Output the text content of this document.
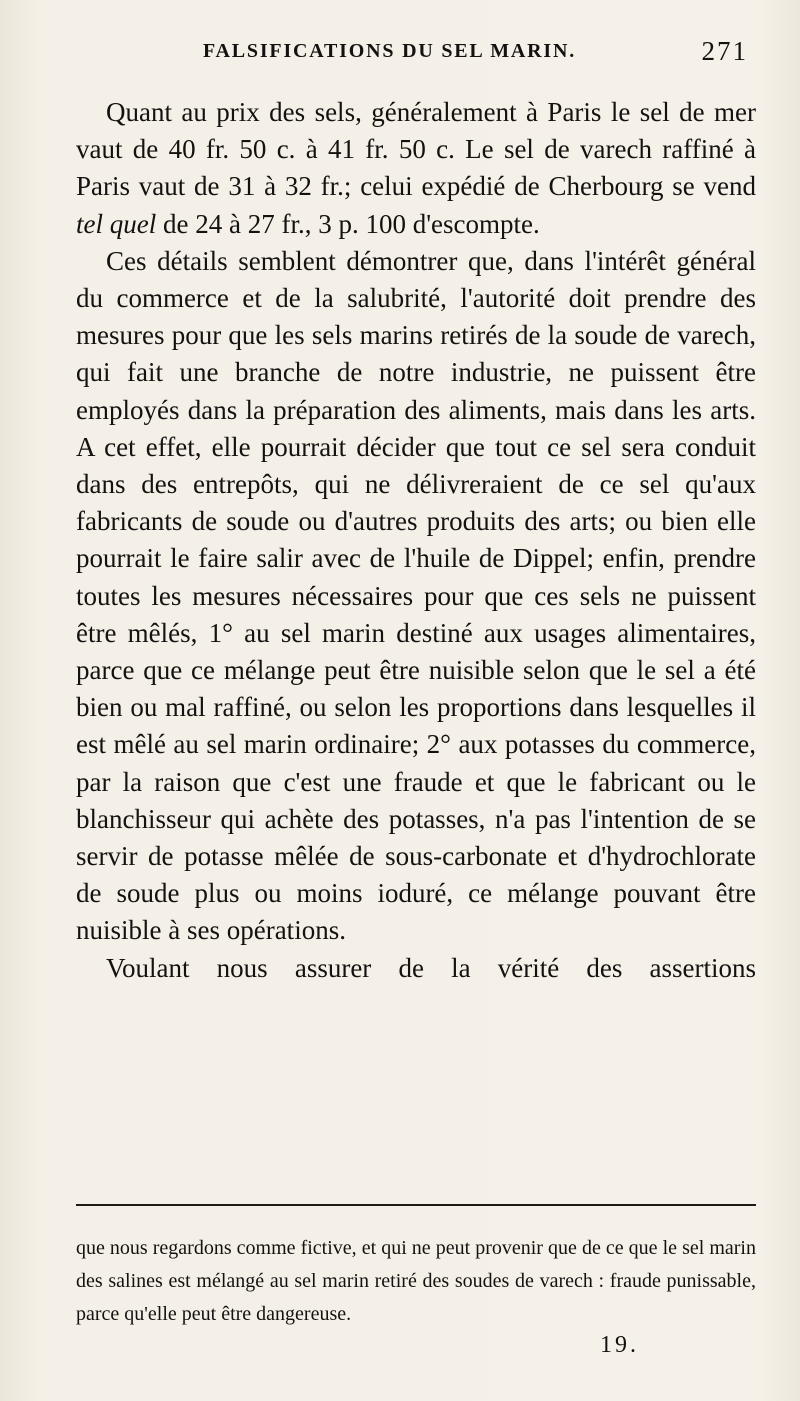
FALSIFICATIONS DU SEL MARIN.	271

Quant au prix des sels, généralement à Paris le sel de mer vaut de 40 fr. 50 c. à 41 fr. 50 c. Le sel de varech raffiné à Paris vaut de 31 à 32 fr.; celui expédié de Cherbourg se vend tel quel de 24 à 27 fr., 3 p. 100 d'escompte.

Ces détails semblent démontrer que, dans l'intérêt général du commerce et de la salubrité, l'autorité doit prendre des mesures pour que les sels marins retirés de la soude de varech, qui fait une branche de notre industrie, ne puissent être employés dans la préparation des aliments, mais dans les arts. A cet effet, elle pourrait décider que tout ce sel sera conduit dans des entrepôts, qui ne délivreraient de ce sel qu'aux fabricants de soude ou d'autres produits des arts; ou bien elle pourrait le faire salir avec de l'huile de Dippel; enfin, prendre toutes les mesures nécessaires pour que ces sels ne puissent être mêlés, 1° au sel marin destiné aux usages alimentaires, parce que ce mélange peut être nuisible selon que le sel a été bien ou mal raffiné, ou selon les proportions dans lesquelles il est mêlé au sel marin ordinaire; 2° aux potasses du commerce, par la raison que c'est une fraude et que le fabricant ou le blanchisseur qui achète des potasses, n'a pas l'intention de se servir de potasse mêlée de sous-carbonate et d'hydrochlorate de soude plus ou moins ioduré, ce mélange pouvant être nuisible à ses opérations.

Voulant nous assurer de la vérité des assertions

que nous regardons comme fictive, et qui ne peut provenir que de ce que le sel marin des salines est mélangé au sel marin retiré des soudes de varech : fraude punissable, parce qu'elle peut être dangereuse.

19.
